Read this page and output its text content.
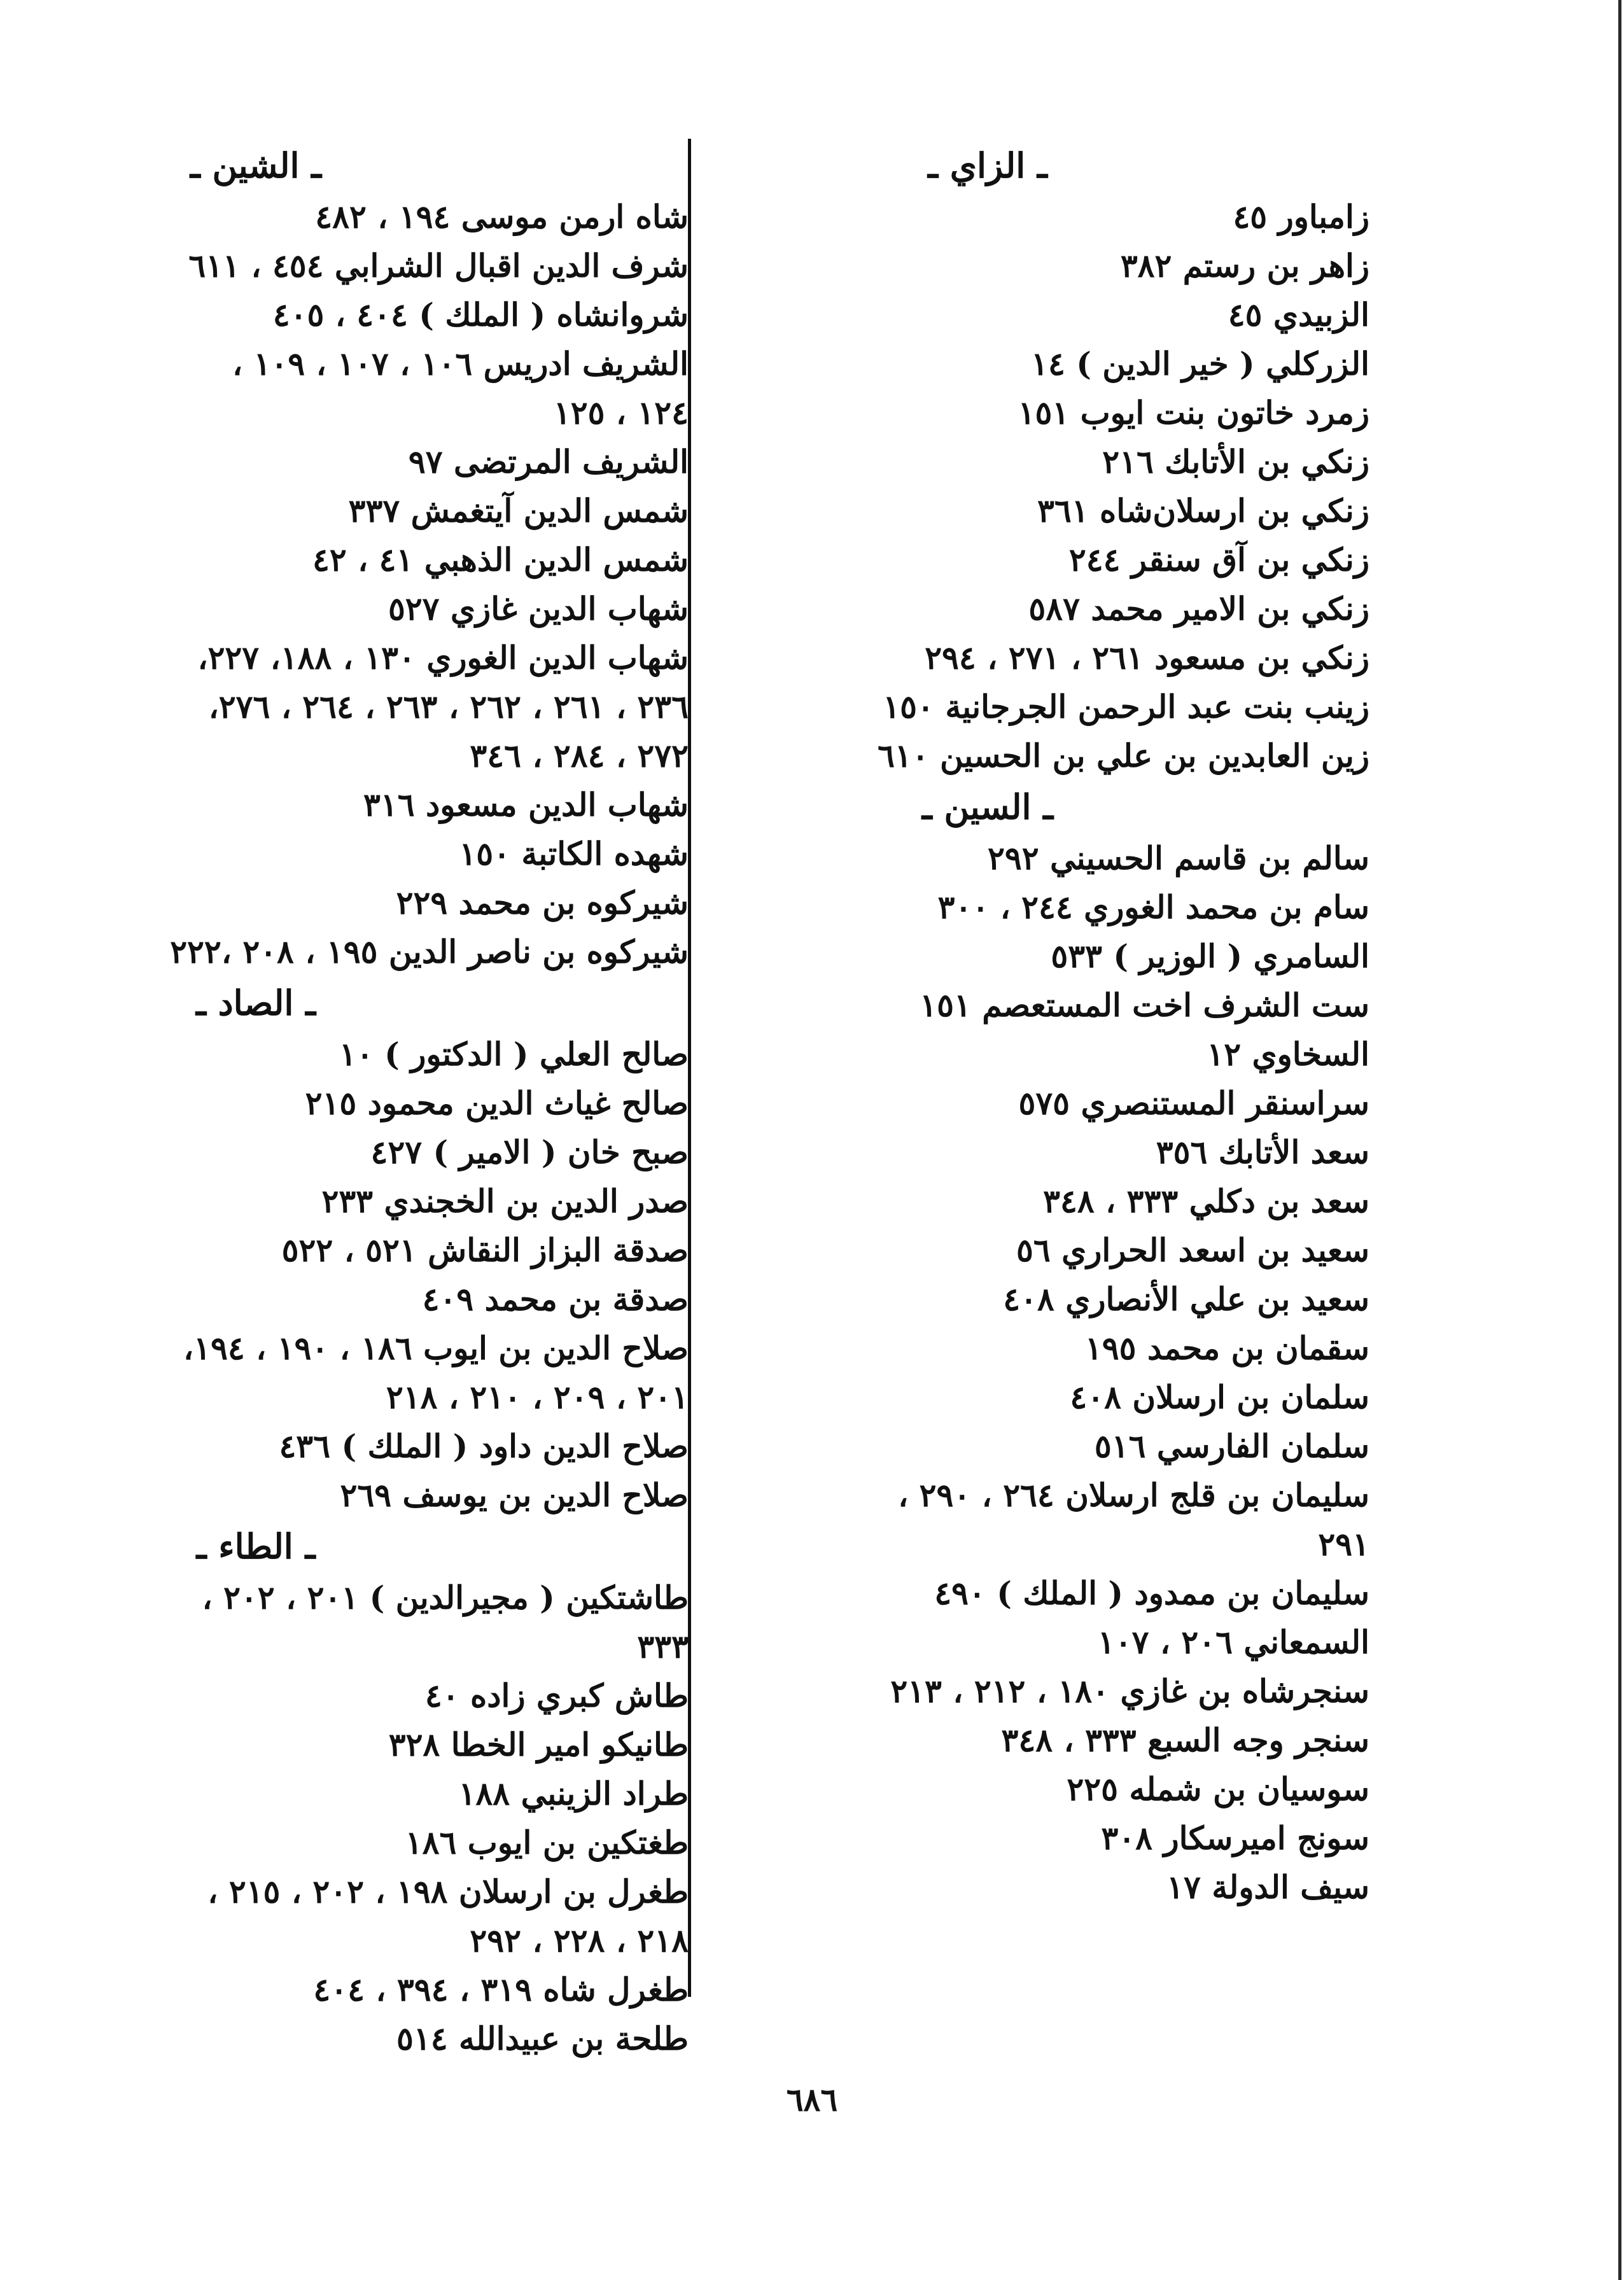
ـ الزاي ـ
زامباور ٤٥
زاهر بن رستم ٣٨٢
الزبيدي ٤٥
الزركلي ( خير الدين ) ١٤
زمرد خاتون بنت ايوب ١٥١
زنكي بن الأتابك ٢١٦
زنكي بن ارسلان‌شاه ٣٦١
زنكي بن آق سنقر ٢٤٤
زنكي بن الامير محمد ٥٨٧
زنكي بن مسعود ٢٦١ ، ٢٧١ ، ٢٩٤
زينب بنت عبد الرحمن الجرجانية ١٥٠
زين العابدين بن علي بن الحسين ٦١٠
ـ السين ـ
سالم بن قاسم الحسيني ٢٩٢
سام بن محمد الغوري ٢٤٤ ، ٣٠٠
السامري ( الوزير ) ٥٣٣
ست الشرف اخت المستعصم ١٥١
السخاوي ١٢
سراسنقر المستنصري ٥٧٥
سعد الأتابك ٣٥٦
سعد بن دكلي ٣٣٣ ، ٣٤٨
سعيد بن اسعد الحراري ٥٦
سعيد بن علي الأنصاري ٤٠٨
سقمان بن محمد ١٩٥
سلمان بن ارسلان ٤٠٨
سلمان الفارسي ٥١٦
سليمان بن قلج ارسلان ٢٦٤ ، ٢٩٠ ،
٢٩١
سليمان بن ممدود ( الملك ) ٤٩٠
السمعاني ٢٠٦ ، ١٠٧
سنجرشاه بن غازي ١٨٠ ، ٢١٢ ، ٢١٣
سنجر وجه السبع ٣٣٣ ، ٣٤٨
سوسيان بن شمله ٢٢٥
سونج اميرسكار ٣٠٨
سيف الدولة ١٧
ـ الشين ـ
شاه ارمن موسى ١٩٤ ، ٤٨٢
شرف الدين اقبال الشرابي ٤٥٤ ، ٦١١
شروانشاه ( الملك ) ٤٠٤ ، ٤٠٥
الشريف ادريس ١٠٦ ، ١٠٧ ، ١٠٩ ،
١٢٤ ، ١٢٥
الشريف المرتضى ٩٧
شمس الدين آيتغمش ٣٣٧
شمس الدين الذهبي ٤١ ، ٤٢
شهاب الدين غازي ٥٢٧
شهاب الدين الغوري ١٣٠ ، ١٨٨، ٢٢٧،
٢٣٦ ، ٢٦١ ، ٢٦٢ ، ٢٦٣ ، ٢٦٤ ، ٢٧٦،
٢٧٢ ، ٢٨٤ ، ٣٤٦
شهاب الدين مسعود ٣١٦
شهده الكاتبة ١٥٠
شيركوه بن محمد ٢٢٩
شيركوه بن ناصر الدين ١٩٥ ، ٢٠٨ ،٢٢٢
ـ الصاد ـ
صالح العلي ( الدكتور ) ١٠
صالح غياث الدين محمود ٢١٥
صبح خان ( الامير ) ٤٢٧
صدر الدين بن الخجندي ٢٣٣
صدقة البزاز النقاش ٥٢١ ، ٥٢٢
صدقة بن محمد ٤٠٩
صلاح الدين بن ايوب ١٨٦ ، ١٩٠ ، ١٩٤،
٢٠١ ، ٢٠٩ ، ٢١٠ ، ٢١٨
صلاح الدين داود ( الملك ) ٤٣٦
صلاح الدين بن يوسف ٢٦٩
ـ الطاء ـ
طاشتكين ( مجيرالدين ) ٢٠١ ، ٢٠٢ ،
٣٣٣
طاش كبري زاده ٤٠
طانيكو امير الخطا ٣٢٨
طراد الزينبي ١٨٨
طغتكين بن ايوب ١٨٦
طغرل بن ارسلان ١٩٨ ، ٢٠٢ ، ٢١٥ ،
٢١٨ ، ٢٢٨ ، ٢٩٢
طغرل شاه ٣١٩ ، ٣٩٤ ، ٤٠٤
طلحة بن عبيدالله ٥١٤
٦٨٦
